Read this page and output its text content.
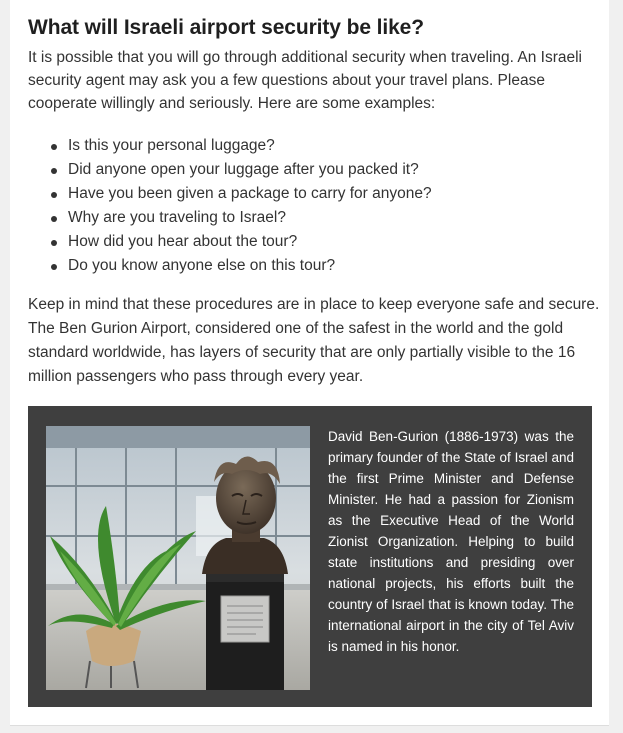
What will Israeli airport security be like?

It is possible that you will go through additional security when traveling. An Israeli security agent may ask you a few questions about your travel plans. Please cooperate willingly and seriously. Here are some examples:

Is this your personal luggage?
Did anyone open your luggage after you packed it?
Have you been given a package to carry for anyone?
Why are you traveling to Israel?
How did you hear about the tour?
Do you know anyone else on this tour?

Keep in mind that these procedures are in place to keep everyone safe and secure. The Ben Gurion Airport, considered one of the safest in the world and the gold standard worldwide, has layers of security that are only partially visible to the 16 million passengers who pass through every year.

David Ben-Gurion (1886-1973) was the primary founder of the State of Israel and the first Prime Minister and Defense Minister. He had a passion for Zionism as the Executive Head of the World Zionist Organization. Helping to build state institutions and presiding over national projects, his efforts built the country of Israel that is known today. The international airport in the city of Tel Aviv is named in his honor.
